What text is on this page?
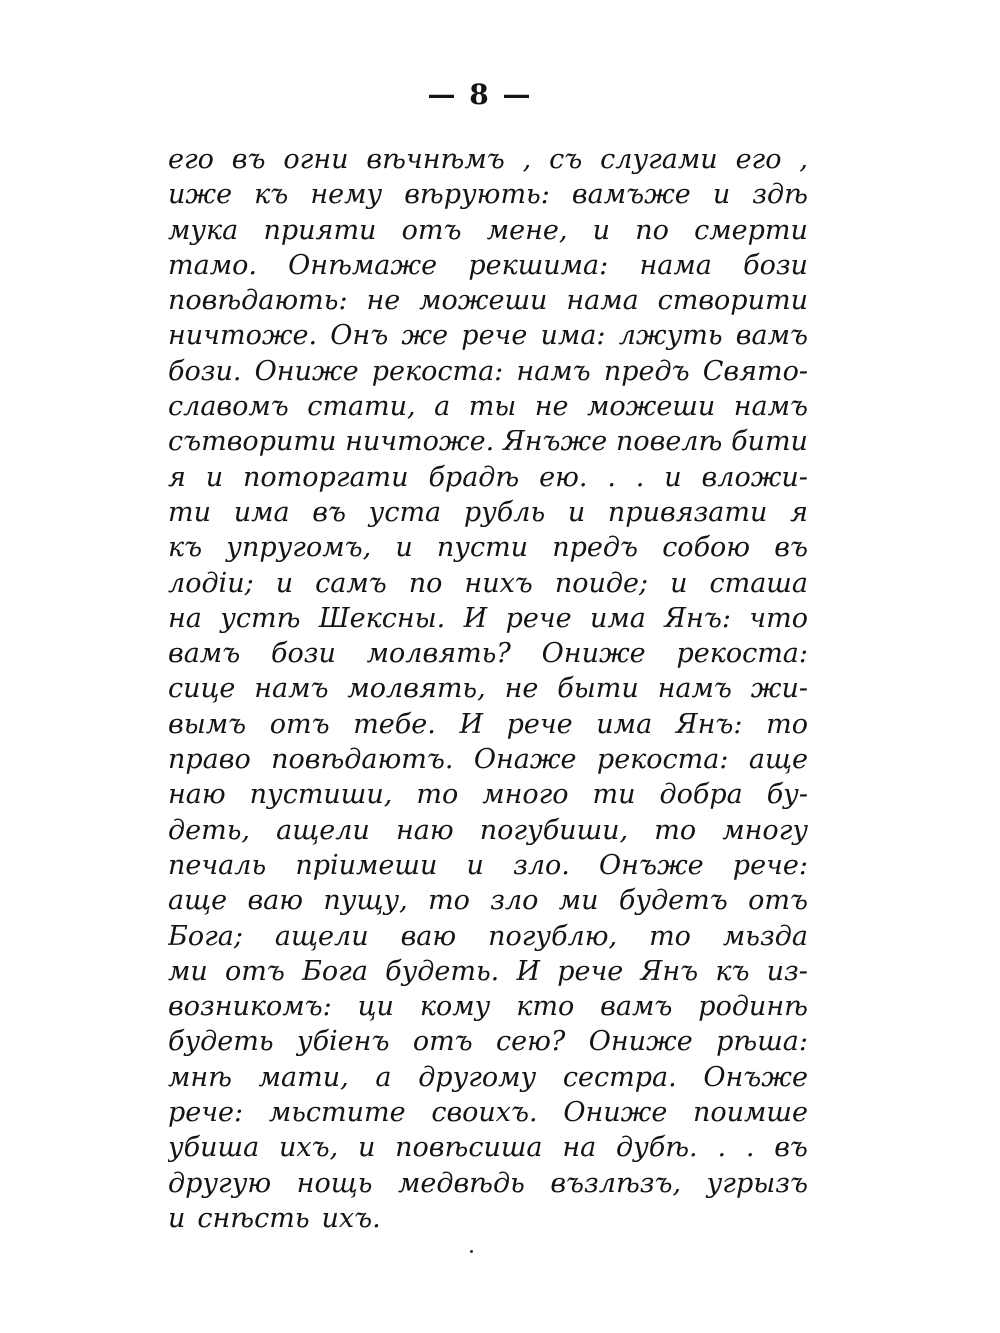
— 8 —
его въ огни вѣчнѣмъ , съ слугами его ,
иже къ нему вѣрують: вамъже и здѣ
мука прияти отъ мене, и по смерти
тамо. Онѣмаже рекшима: нама бози
повѣдають: не можеши нама створити
ничтоже. Онъ же рече има: лжуть вамъ
бози. Ониже рекоста: намъ предъ Свято-
славомъ стати, а ты не можеши намъ
сътворити ничтоже. Янъже повелѣ бити
я и поторгати брадѣ ею. . . и вложи-
ти има въ уста рубль и привязати я
къ упругомъ, и пусти предъ собою въ
лодіи; и самъ по нихъ поиде; и сташа
на устѣ Шексны. И рече има Янъ: что
вамъ бози молвять? Ониже рекоста:
сице намъ молвять, не быти намъ жи-
вымъ отъ тебе. И рече има Янъ: то
право повѣдаютъ. Онаже рекоста: аще
наю пустиши, то много ти добра бу-
деть, ащели наю погубиши, то многу
печаль пріимеши и зло. Онъже рече:
аще ваю пущу, то зло ми будетъ отъ
Бога; ащели ваю погублю, то мьзда
ми отъ Бога будеть. И рече Янъ къ из-
возникомъ: ци кому кто вамъ родинѣ
будеть убіенъ отъ сею? Ониже рѣша:
мнѣ мати, а другому сестра. Онъже
рече: мьстите своихъ. Ониже поимше
убиша ихъ, и повѣсиша на дубѣ. . . въ
другую нощь медвѣдь възлѣзъ, угрызъ
и снѣсть ихъ.
